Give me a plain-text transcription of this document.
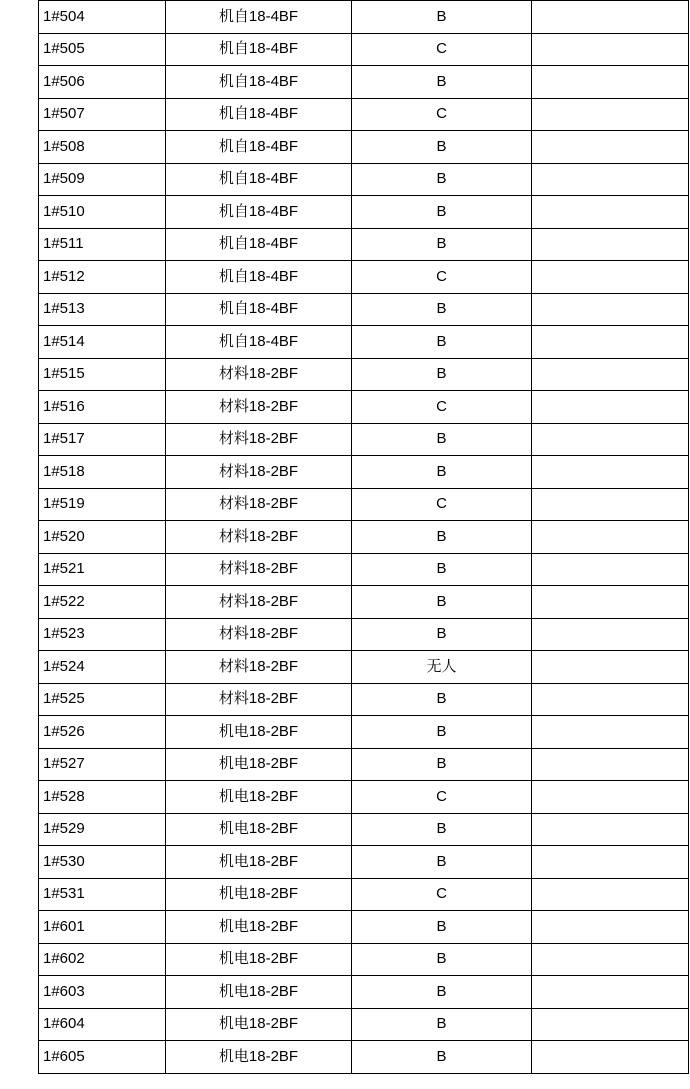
1#504	机自18-4BF	B	
1#505	机自18-4BF	C	
1#506	机自18-4BF	B	
1#507	机自18-4BF	C	
1#508	机自18-4BF	B	
1#509	机自18-4BF	B	
1#510	机自18-4BF	B	
1#511	机自18-4BF	B	
1#512	机自18-4BF	C	
1#513	机自18-4BF	B	
1#514	机自18-4BF	B	
1#515	材料18-2BF	B	
1#516	材料18-2BF	C	
1#517	材料18-2BF	B	
1#518	材料18-2BF	B	
1#519	材料18-2BF	C	
1#520	材料18-2BF	B	
1#521	材料18-2BF	B	
1#522	材料18-2BF	B	
1#523	材料18-2BF	B	
1#524	材料18-2BF	无人	
1#525	材料18-2BF	B	
1#526	机电18-2BF	B	
1#527	机电18-2BF	B	
1#528	机电18-2BF	C	
1#529	机电18-2BF	B	
1#530	机电18-2BF	B	
1#531	机电18-2BF	C	
1#601	机电18-2BF	B	
1#602	机电18-2BF	B	
1#603	机电18-2BF	B	
1#604	机电18-2BF	B	
1#605	机电18-2BF	B	
